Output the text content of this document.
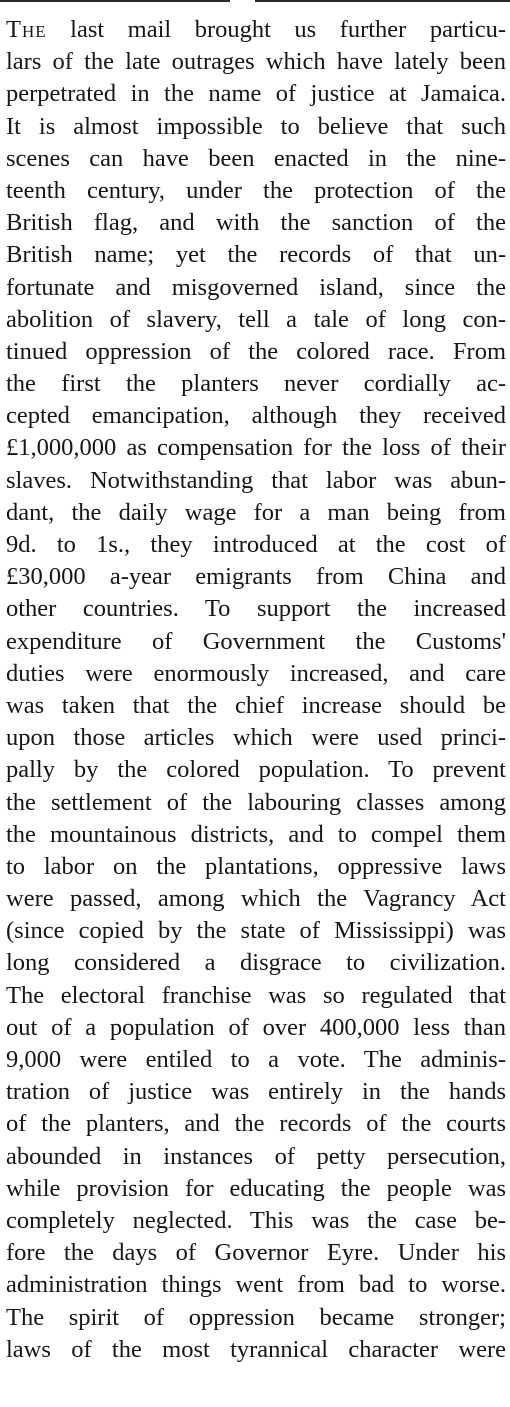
The last mail brought us further particu-
lars of the late outrages which have lately been
perpetrated in the name of justice at Jamaica.
It is almost impossible to believe that such
scenes can have been enacted in the nine-
teenth century, under the protection of the
British flag, and with the sanction of the
British name; yet the records of that un-
fortunate and misgoverned island, since the
abolition of slavery, tell a tale of long con-
tinued oppression of the colored race. From
the first the planters never cordially ac-
cepted emancipation, although they received
£1,000,000 as compensation for the loss of their
slaves. Notwithstanding that labor was abun-
dant, the daily wage for a man being from
9d. to 1s., they introduced at the cost of
£30,000 a-year emigrants from China and
other countries. To support the increased
expenditure of Government the Customs'
duties were enormously increased, and care
was taken that the chief increase should be
upon those articles which were used princi-
pally by the colored population. To prevent
the settlement of the labouring classes among
the mountainous districts, and to compel them
to labor on the plantations, oppressive laws
were passed, among which the Vagrancy Act
(since copied by the state of Mississippi) was
long considered a disgrace to civilization.
The electoral franchise was so regulated that
out of a population of over 400,000 less than
9,000 were entiled to a vote. The adminis-
tration of justice was entirely in the hands
of the planters, and the records of the courts
abounded in instances of petty persecution,
while provision for educating the people was
completely neglected. This was the case be-
fore the days of Governor Eyre. Under his
administration things went from bad to worse.
The spirit of oppression became stronger;
laws of the most tyrannical character were
